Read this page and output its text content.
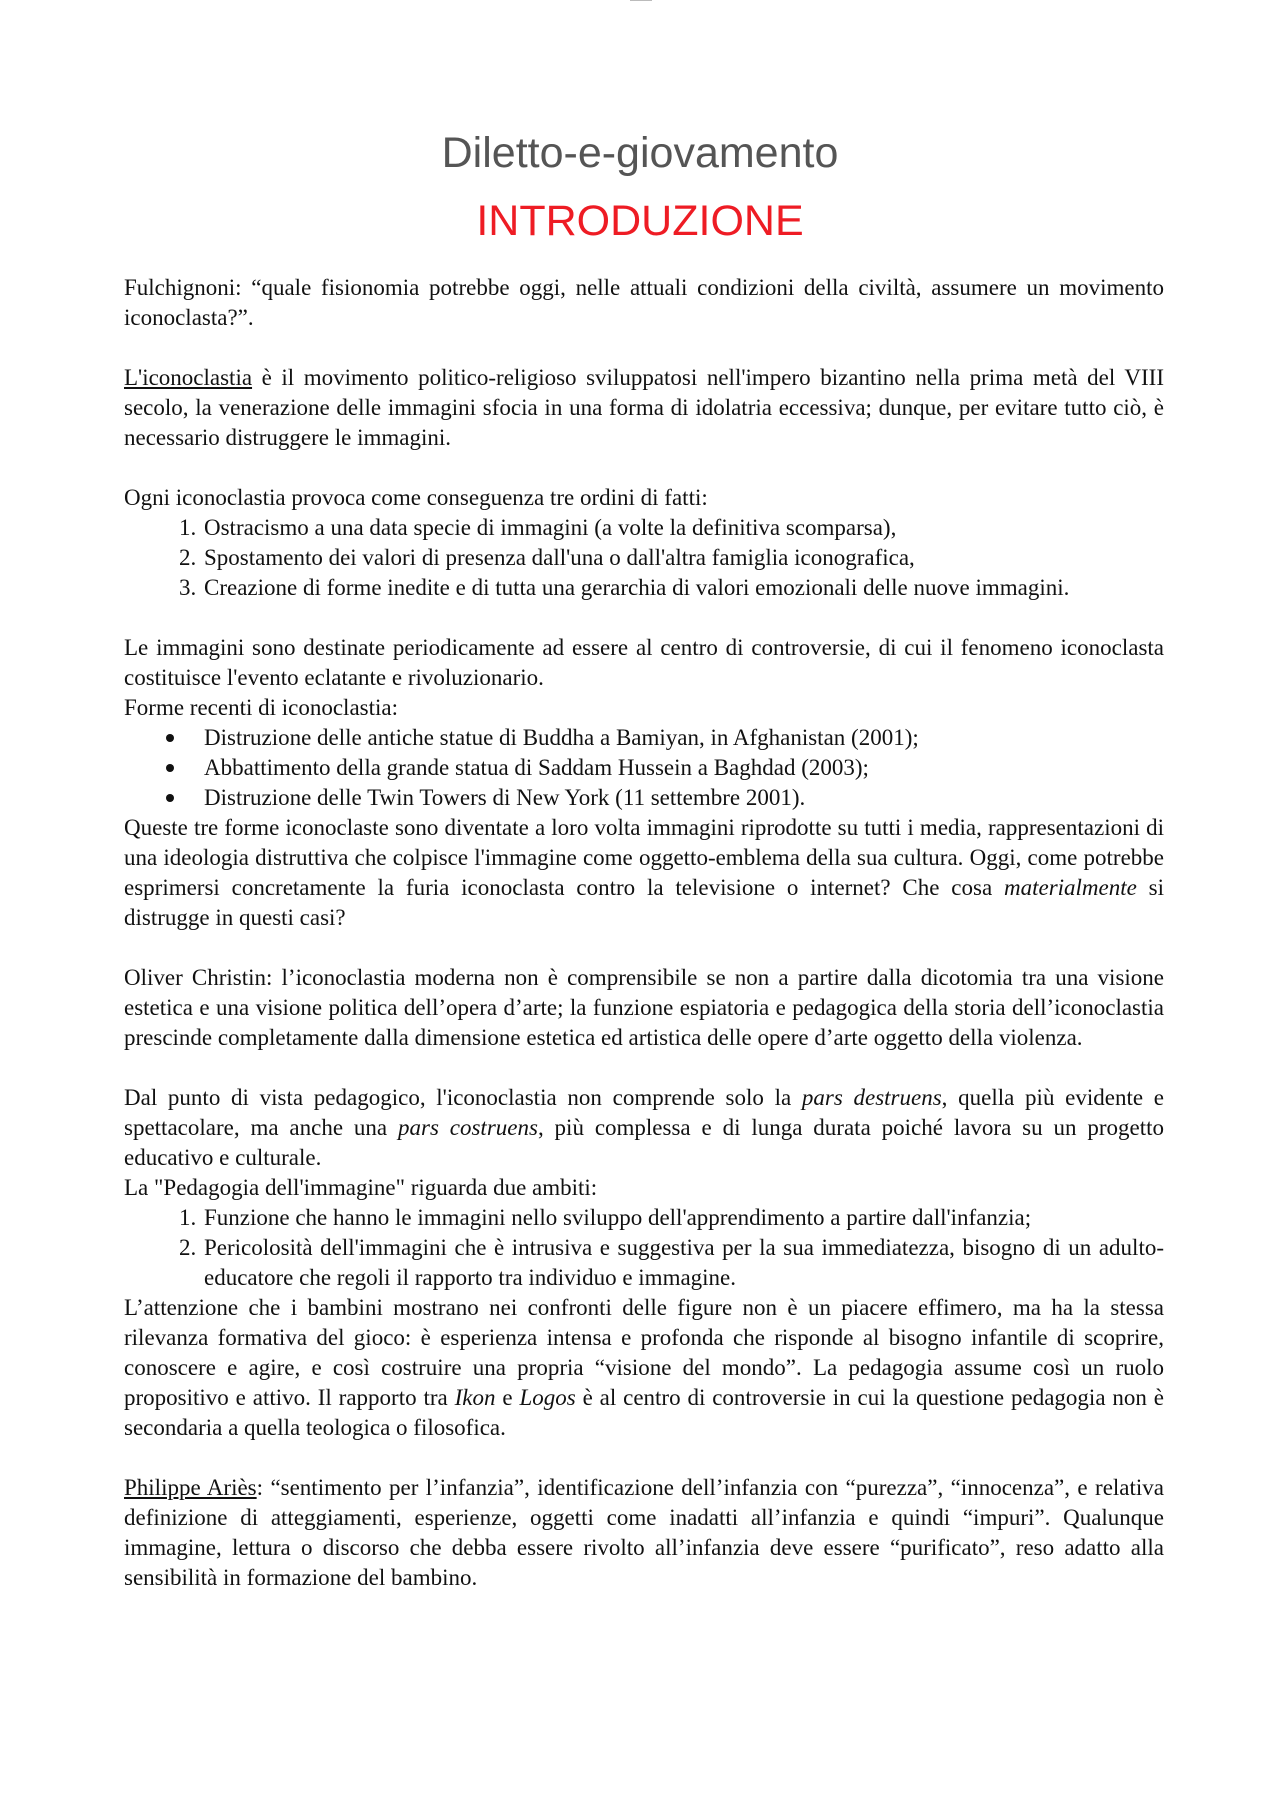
Diletto-e-giovamento
INTRODUZIONE

Fulchignoni: “quale fisionomia potrebbe oggi, nelle attuali condizioni della civiltà, assumere un movimento iconoclasta?”.

L'iconoclastia è il movimento politico-religioso sviluppatosi nell'impero bizantino nella prima metà del VIII secolo, la venerazione delle immagini sfocia in una forma di idolatria eccessiva; dunque, per evitare tutto ciò, è necessario distruggere le immagini.

Ogni iconoclastia provoca come conseguenza tre ordini di fatti:

1. Ostracismo a una data specie di immagini (a volte la definitiva scomparsa),
2. Spostamento dei valori di presenza dall'una o dall'altra famiglia iconografica,
3. Creazione di forme inedite e di tutta una gerarchia di valori emozionali delle nuove immagini.

Le immagini sono destinate periodicamente ad essere al centro di controversie, di cui il fenomeno iconoclasta costituisce l'evento eclatante e rivoluzionario.

Forme recenti di iconoclastia:

Distruzione delle antiche statue di Buddha a Bamiyan, in Afghanistan (2001);
Abbattimento della grande statua di Saddam Hussein a Baghdad (2003);
Distruzione delle Twin Towers di New York (11 settembre 2001).

Queste tre forme iconoclaste sono diventate a loro volta immagini riprodotte su tutti i media, rappresentazioni di una ideologia distruttiva che colpisce l'immagine come oggetto-emblema della sua cultura. Oggi, come potrebbe esprimersi concretamente la furia iconoclasta contro la televisione o internet? Che cosa materialmente si distrugge in questi casi?

Oliver Christin: l’iconoclastia moderna non è comprensibile se non a partire dalla dicotomia tra una visione estetica e una visione politica dell’opera d’arte; la funzione espiatoria e pedagogica della storia dell’iconoclastia prescinde completamente dalla dimensione estetica ed artistica delle opere d’arte oggetto della violenza.

Dal punto di vista pedagogico, l'iconoclastia non comprende solo la pars destruens, quella più evidente e spettacolare, ma anche una pars costruens, più complessa e di lunga durata poiché lavora su un progetto educativo e culturale.

La "Pedagogia dell'immagine" riguarda due ambiti:

1. Funzione che hanno le immagini nello sviluppo dell'apprendimento a partire dall'infanzia;
2. Pericolosità dell'immagini che è intrusiva e suggestiva per la sua immediatezza, bisogno di un adulto-educatore che regoli il rapporto tra individuo e immagine.

L’attenzione che i bambini mostrano nei confronti delle figure non è un piacere effimero, ma ha la stessa rilevanza formativa del gioco: è esperienza intensa e profonda che risponde al bisogno infantile di scoprire, conoscere e agire, e così costruire una propria “visione del mondo”. La pedagogia assume così un ruolo propositivo e attivo. Il rapporto tra Ikon e Logos è al centro di controversie in cui la questione pedagogia non è secondaria a quella teologica o filosofica.

Philippe Ariès: “sentimento per l’infanzia”, identificazione dell’infanzia con “purezza”, “innocenza”, e relativa definizione di atteggiamenti, esperienze, oggetti come inadatti all’infanzia e quindi “impuri”. Qualunque immagine, lettura o discorso che debba essere rivolto all’infanzia deve essere “purificato”, reso adatto alla sensibilità in formazione del bambino.
